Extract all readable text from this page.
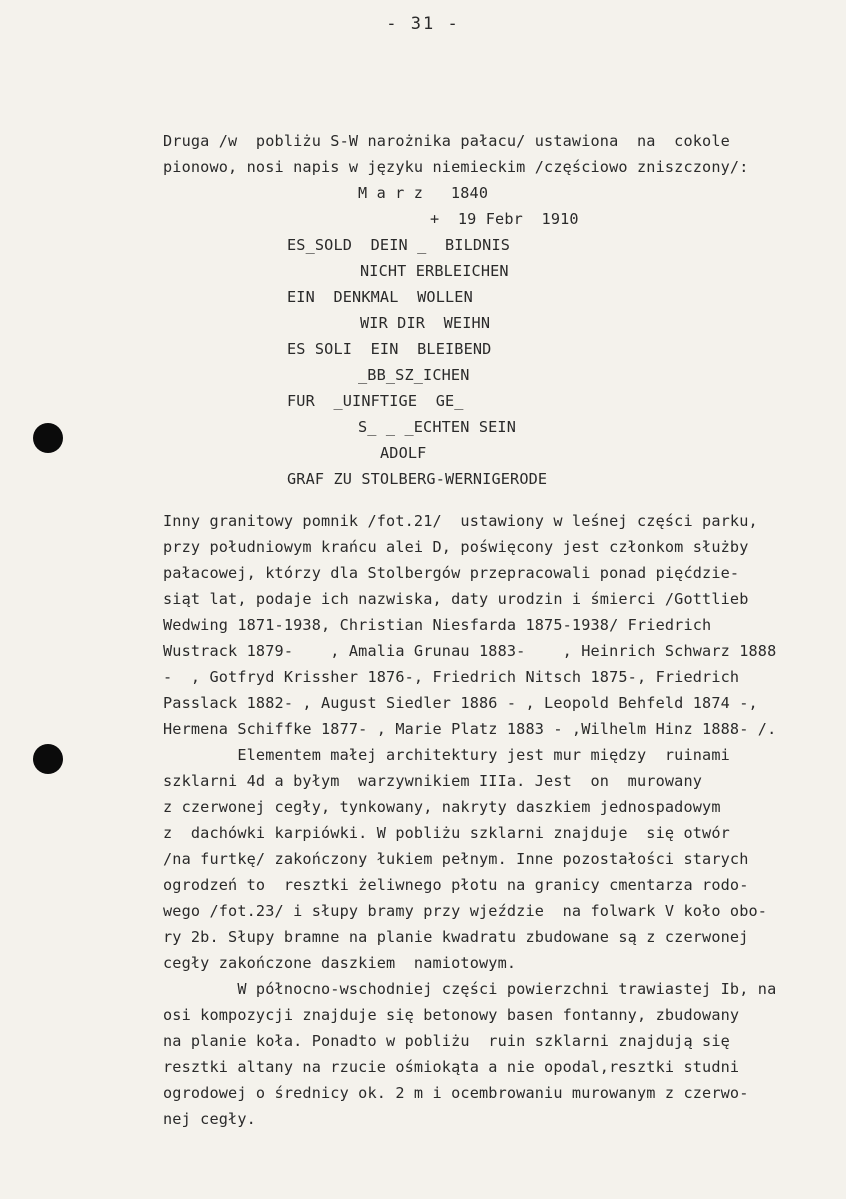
- 31 -
Druga /w  pobliżu S-W narożnika pałacu/ ustawiona  na  cokole
pionowo, nosi napis w języku niemieckim /częściowo zniszczony/:
M a r z   1840
+  19 Febr  1910
ES_SOLD  DEIN _  BILDNIS
NICHT ERBLEICHEN
EIN  DENKMAL  WOLLEN
WIR DIR  WEIHN
ES SOLI  EIN  BLEIBEND
_BB_SZ_ICHEN
FUR  _UINFTIGE  GE_
S_ _ _ECHTEN SEIN
ADOLF
GRAF ZU STOLBERG-WERNIGERODE
Inny granitowy pomnik /fot.21/  ustawiony w leśnej części parku,
przy południowym krańcu alei D, poświęcony jest członkom służby
pałacowej, którzy dla Stolbergów przepracowali ponad pięćdzie-
siąt lat, podaje ich nazwiska, daty urodzin i śmierci /Gottlieb
Wedwing 1871-1938, Christian Niesfarda 1875-1938/ Friedrich
Wustrack 1879-    , Amalia Grunau 1883-    , Heinrich Schwarz 1888
-  , Gotfryd Krissher 1876-, Friedrich Nitsch 1875-, Friedrich
Passlack 1882- , August Siedler 1886 - , Leopold Behfeld 1874 -,
Hermena Schiffke 1877- , Marie Platz 1883 - ,Wilhelm Hinz 1888- /.
Elementem małej architektury jest mur między  ruinami
szklarni 4d a byłym  warzywnikiem IIIa. Jest  on  murowany
z czerwonej cegły, tynkowany, nakryty daszkiem jednospadowym
z  dachówki karpiówki. W pobliżu szklarni znajduje  się otwór
/na furtkę/ zakończony łukiem pełnym. Inne pozostałości starych
ogrodzeń to  resztki żeliwnego płotu na granicy cmentarza rodo-
wego /fot.23/ i słupy bramy przy wjeździe  na folwark V koło obo-
ry 2b. Słupy bramne na planie kwadratu zbudowane są z czerwonej
cegły zakończone daszkiem  namiotowym.
W północno-wschodniej części powierzchni trawiastej Ib, na
osi kompozycji znajduje się betonowy basen fontanny, zbudowany
na planie koła. Ponadto w pobliżu  ruin szklarni znajdują się
resztki altany na rzucie ośmiokąta a nie opodal,resztki studni
ogrodowej o średnicy ok. 2 m i ocembrowaniu murowanym z czerwo-
nej cegły.
